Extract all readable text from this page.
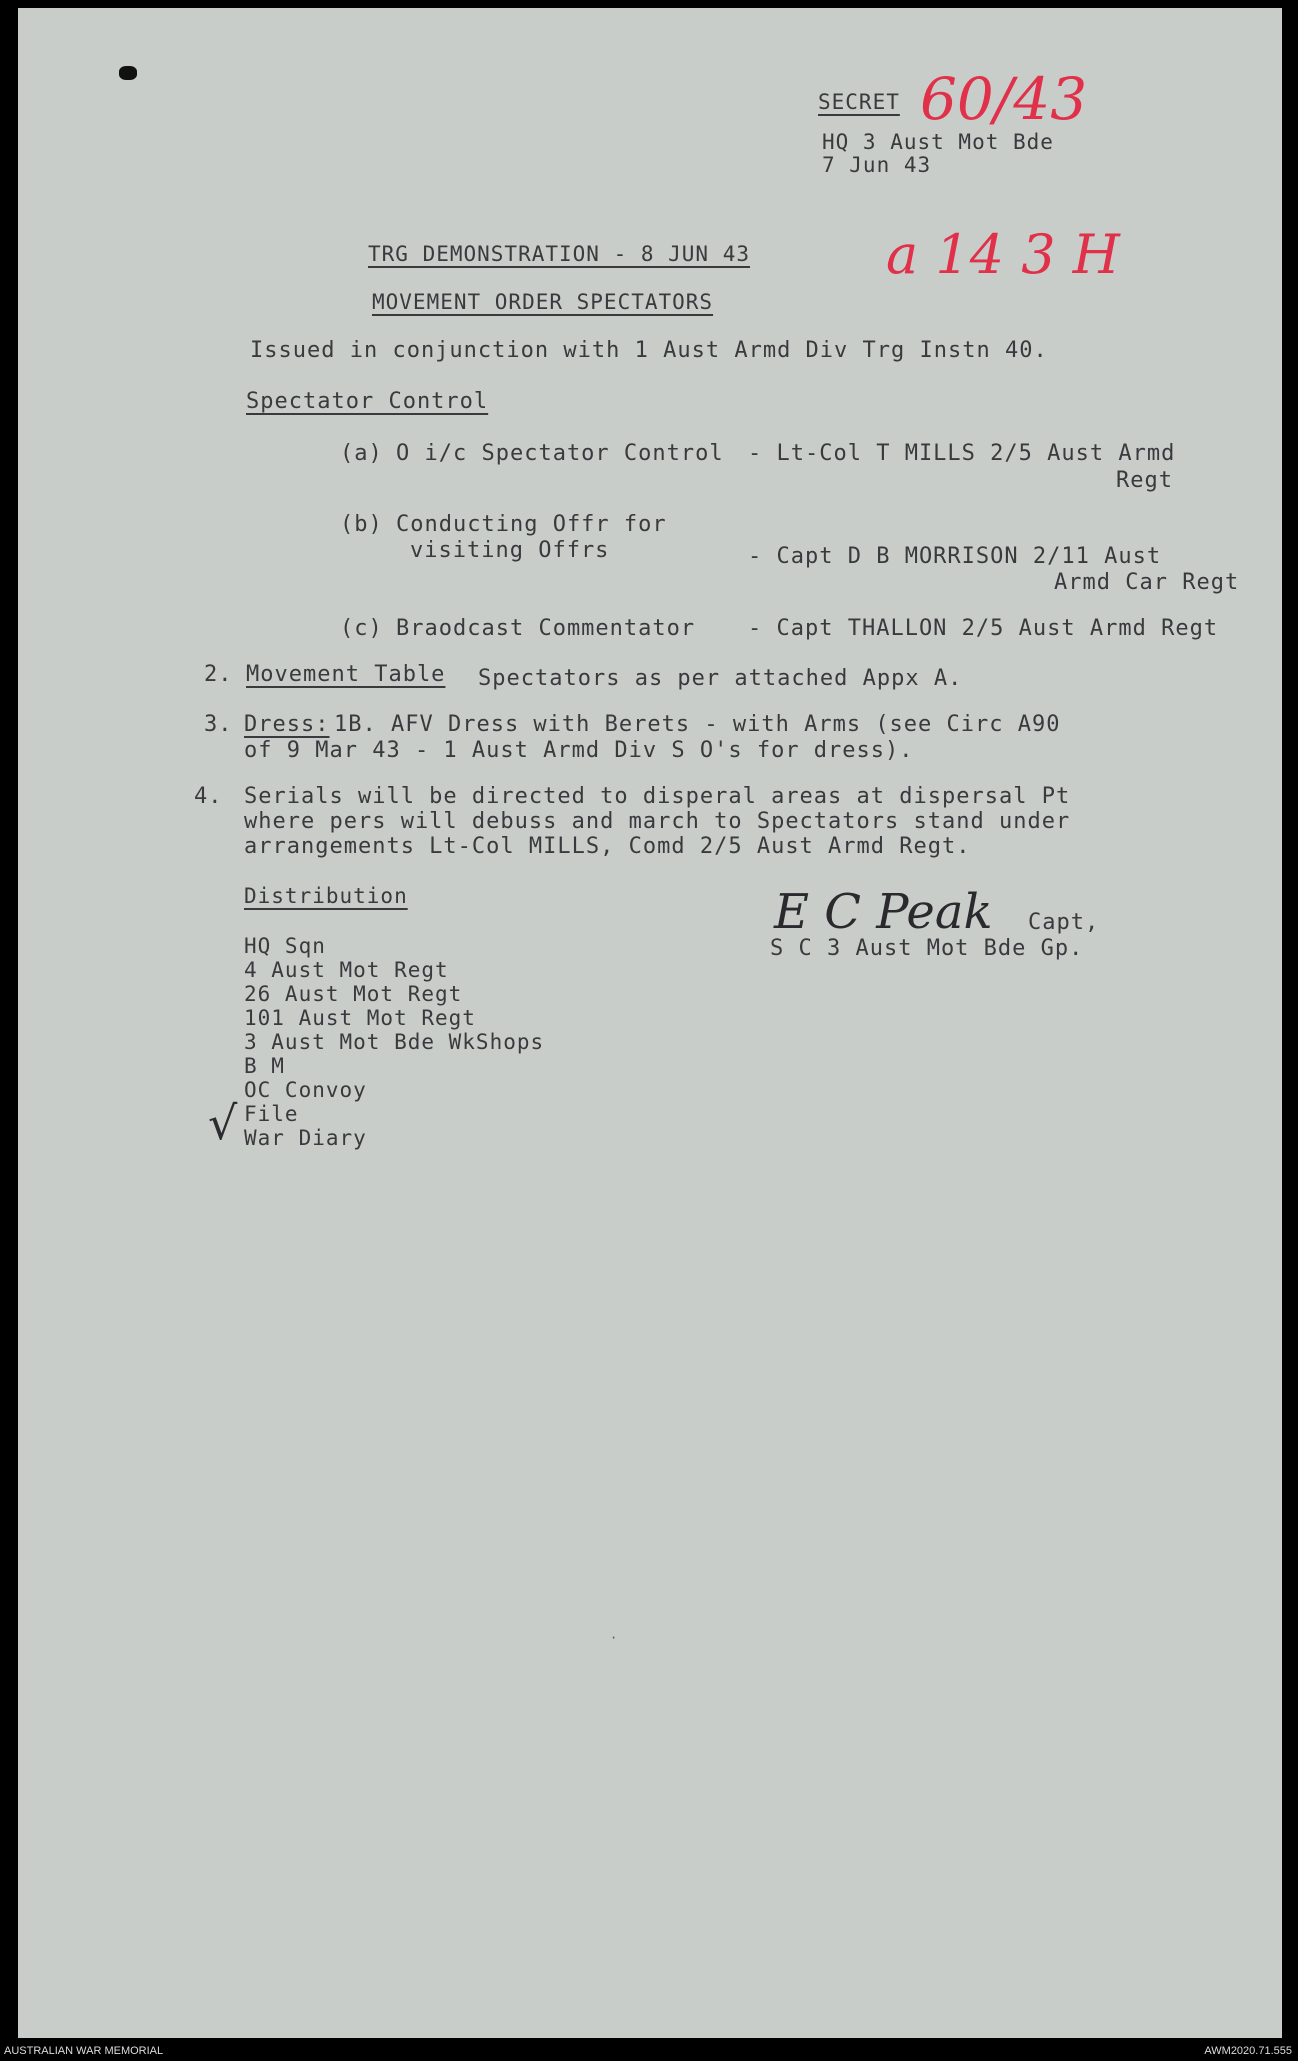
SECRET
HQ 3 Aust Mot Bde
7 Jun 43
60/43
a 14 3 H
TRG DEMONSTRATION - 8 JUN 43
MOVEMENT ORDER SPECTATORS
Issued in conjunction with 1 Aust Armd Div Trg Instn 40.
Spectator Control
(a) O i/c Spectator Control - Lt-Col T MILLS 2/5 Aust Armd
Regt
(b) Conducting Offr for
visiting Offrs	- Capt D B MORRISON 2/11 Aust
Armd Car Regt
(c) Braodcast Commentator - Capt THALLON 2/5 Aust Armd Regt
2. Movement Table Spectators as per attached Appx A.
3. Dress: 1B. AFV Dress with Berets - with Arms (see Circ A90
of 9 Mar 43 - 1 Aust Armd Div S O's for dress).
4. Serials will be directed to disperal areas at dispersal Pt
where pers will debuss and march to Spectators stand under
arrangements Lt-Col MILLS, Comd 2/5 Aust Armd Regt.
Distribution
HQ Sqn
4 Aust Mot Regt
26 Aust Mot Regt
101 Aust Mot Regt
3 Aust Mot Bde WkShops
B M
OC Convoy
File
War Diary
√
E C Peak Capt,
S C 3 Aust Mot Bde Gp.
·
AUSTRALIAN WAR MEMORIAL	AWM2020.71.555
